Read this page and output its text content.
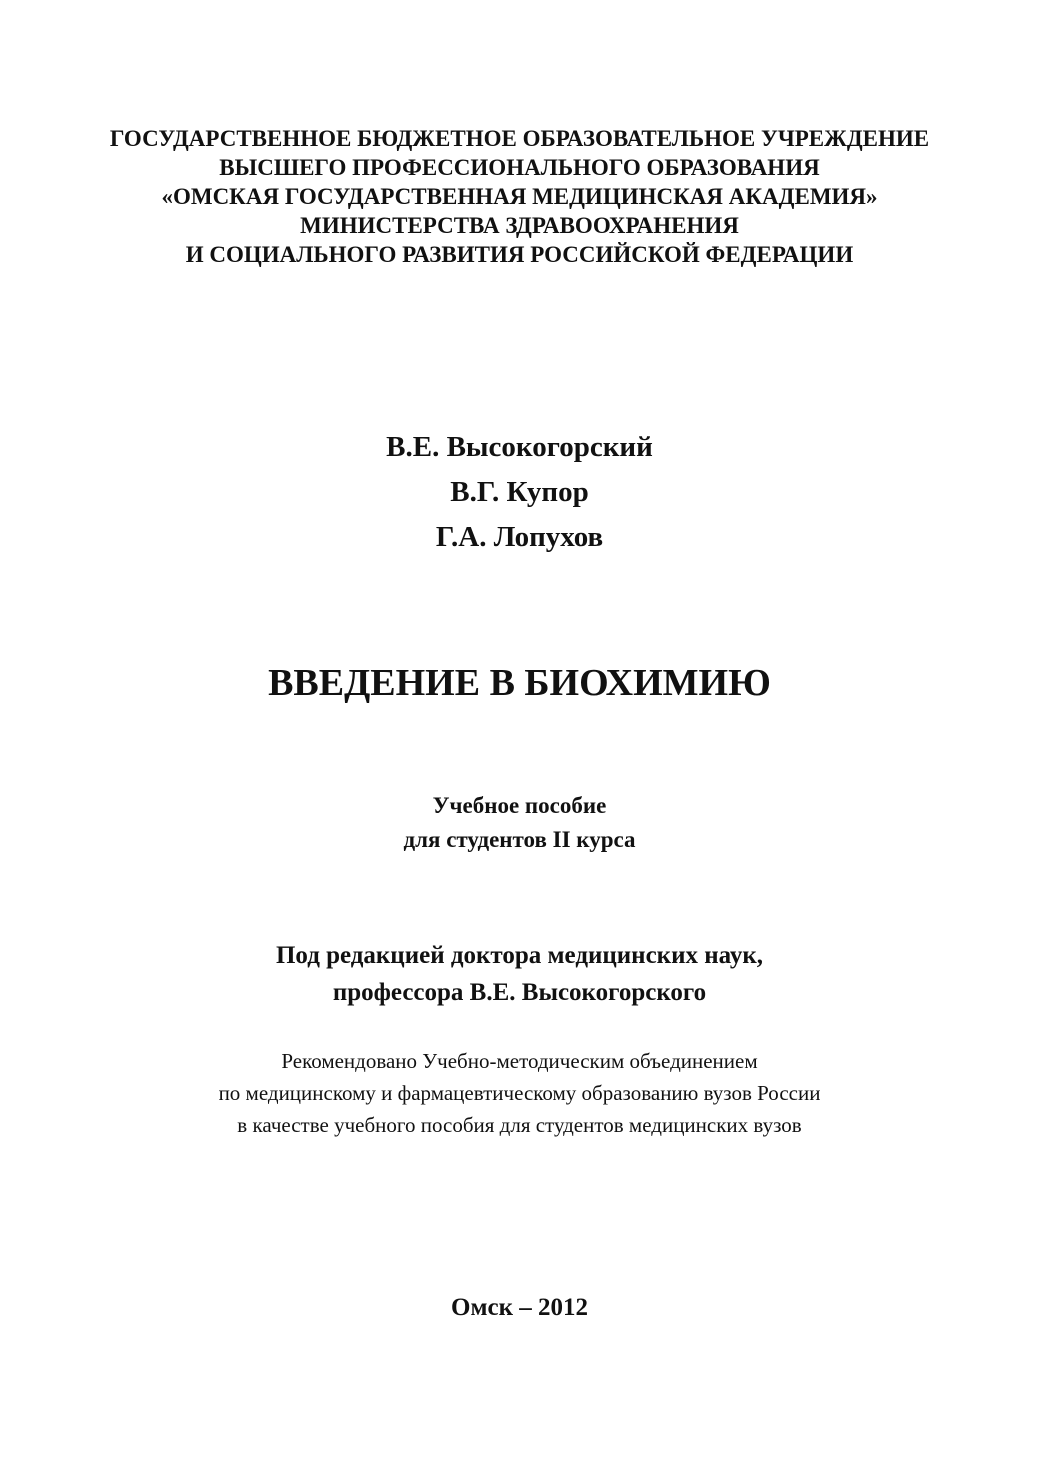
ГОСУДАРСТВЕННОЕ БЮДЖЕТНОЕ ОБРАЗОВАТЕЛЬНОЕ УЧРЕЖДЕНИЕ
ВЫСШЕГО ПРОФЕССИОНАЛЬНОГО ОБРАЗОВАНИЯ
«ОМСКАЯ ГОСУДАРСТВЕННАЯ МЕДИЦИНСКАЯ АКАДЕМИЯ»
МИНИСТЕРСТВА ЗДРАВООХРАНЕНИЯ
И СОЦИАЛЬНОГО РАЗВИТИЯ РОССИЙСКОЙ ФЕДЕРАЦИИ
В.Е. Высокогорский
В.Г. Купор
Г.А. Лопухов
ВВЕДЕНИЕ В БИОХИМИЮ
Учебное пособие
для студентов II курса
Под редакцией доктора медицинских наук,
профессора В.Е. Высокогорского
Рекомендовано Учебно-методическим объединением
по медицинскому и фармацевтическому образованию вузов России
в качестве учебного пособия для студентов медицинских вузов
Омск – 2012
